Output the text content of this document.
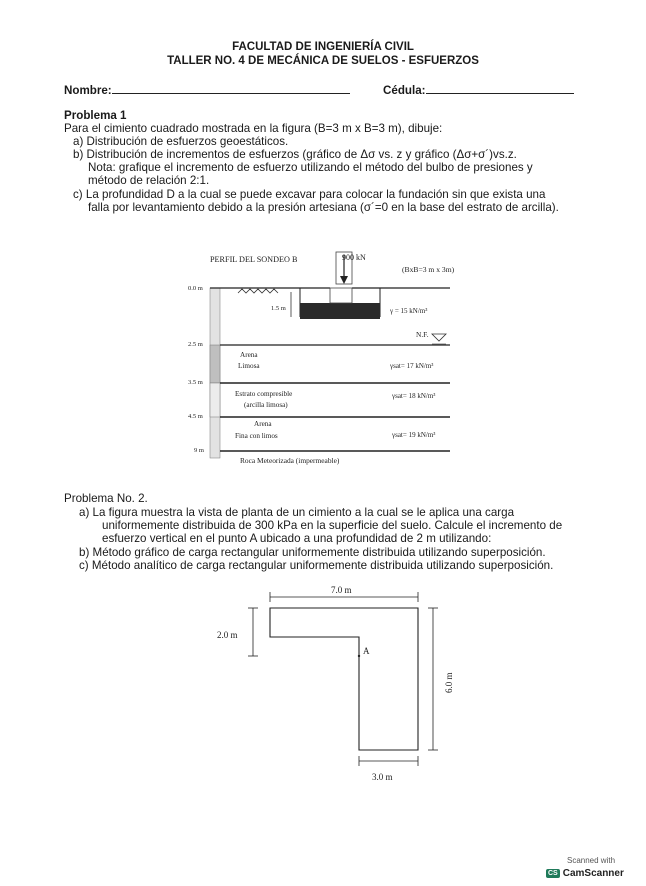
FACULTAD DE INGENIERÍA CIVIL
TALLER NO. 4 DE MECÁNICA DE SUELOS - ESFUERZOS
Nombre:	Cédula:
Problema 1
Para el cimiento cuadrado mostrada en la figura (B=3 m x B=3 m), dibuje:
a) Distribución de esfuerzos geoestáticos.
b) Distribución de incrementos de esfuerzos (gráfico de Δσ vs. z y gráfico (Δσ+σ´)vs.z.
Nota: grafique el incremento de esfuerzo utilizando el método del bulbo de presiones y
método de relación 2:1.
c) La profundidad D a la cual se puede excavar para colocar la fundación sin que exista una
falla por levantamiento debido a la presión artesiana (σ´=0 en la base del estrato de arcilla).
PERFIL DEL SONDEO B	900 kN
(BxB=3 m x 3m)
0.0 m
2.5 m
3.5 m
4.5 m
9 m
1.5 m	γ = 15 kN/m³
N.F.
Arena
Limosa	γsat= 17 kN/m³
Estrato compresible
(arcilla limosa)
γsat= 18 kN/m³
Arena
Fina con limos	γsat= 19 kN/m³
Roca Meteorizada (impermeable)
Problema No. 2.
a) La figura muestra la vista de planta de un cimiento a la cual se le aplica una carga
uniformemente distribuida de 300 kPa en la superficie del suelo. Calcule el incremento de
esfuerzo vertical en el punto A ubicado a una profundidad de 2 m utilizando:
b) Método gráfico de carga rectangular uniformemente distribuida utilizando superposición.
c) Método analítico de carga rectangular uniformemente distribuida utilizando superposición.
7.0 m
2.0 m
6.0 m
3.0 m
A
Scanned with
CS CamScanner
